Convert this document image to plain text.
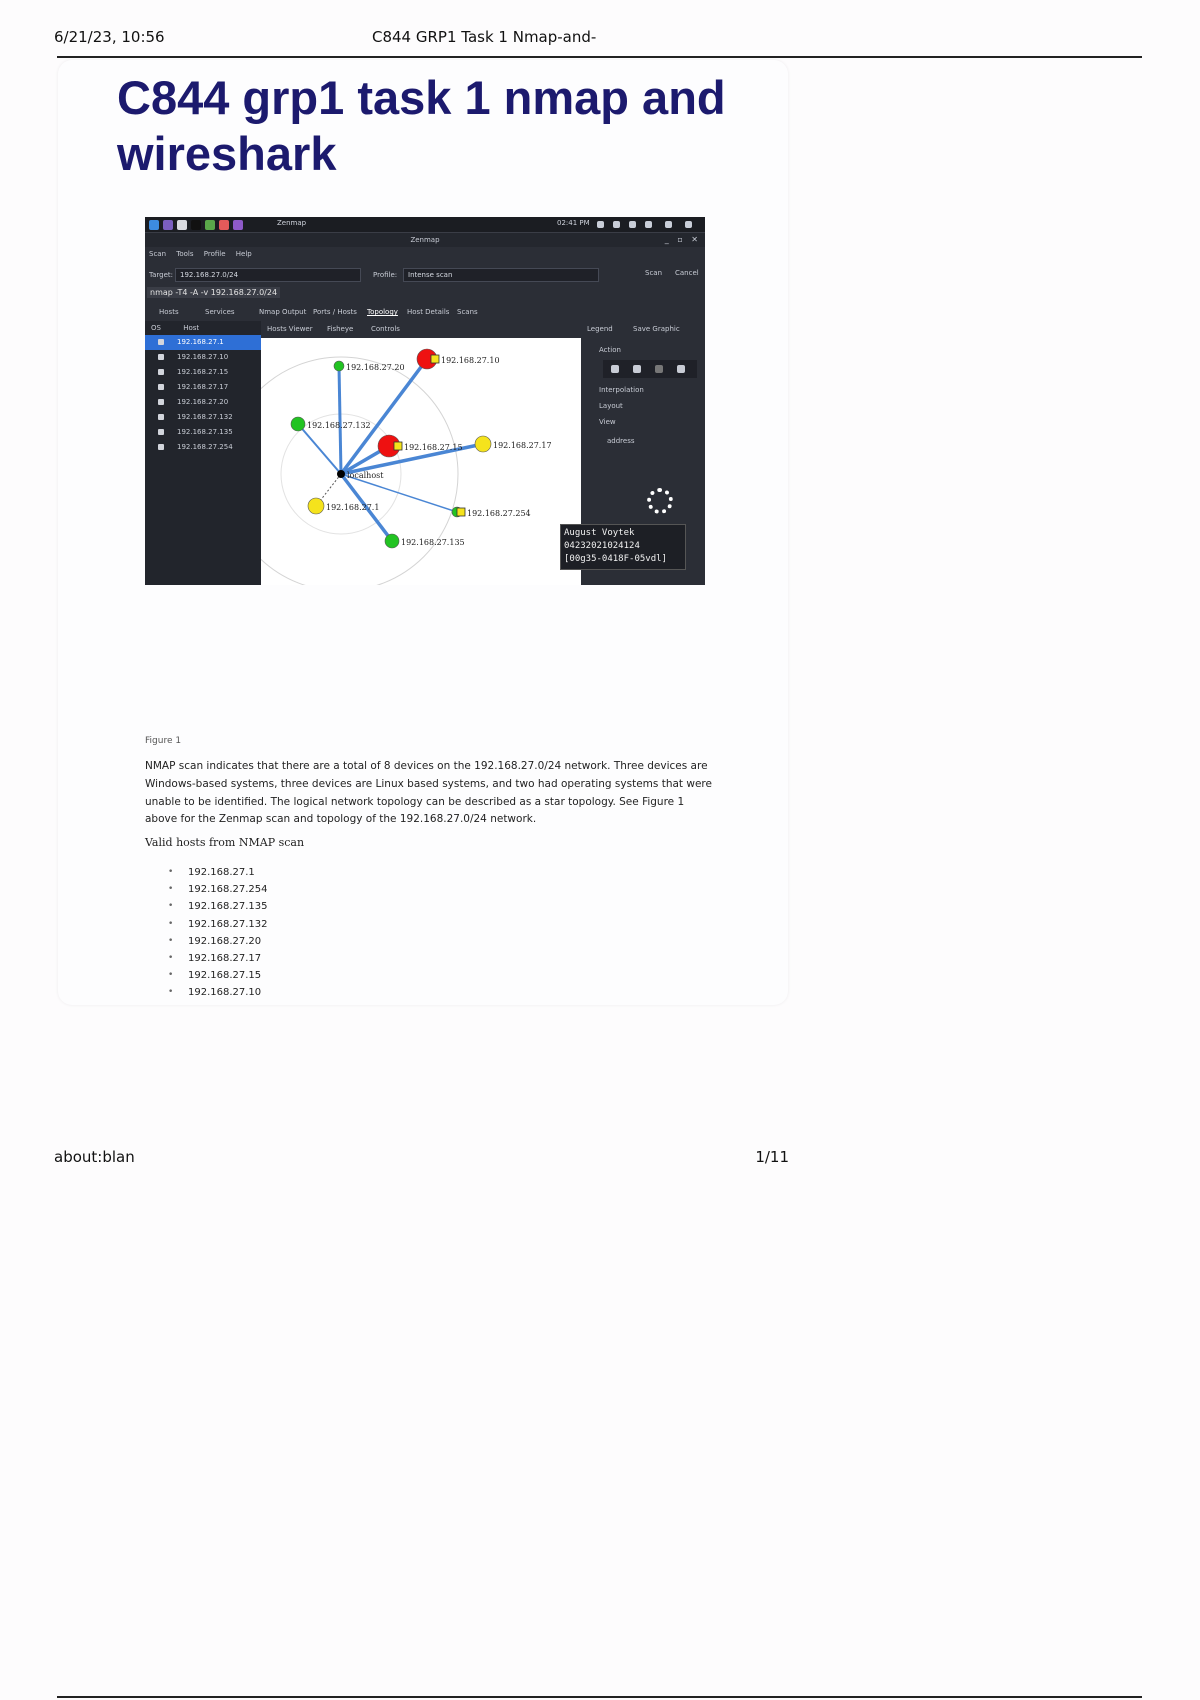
6/21/23, 10:56	C844 GRP1 Task 1 Nmap-and-
C844 grp1 task 1 nmap and wireshark
Zenmap	02:41 PM
Zenmap	_ ▫ ✕
Scan Tools Profile Help
Target: 192.168.27.0/24	Profile:	Intense scan	Scan Cancel
nmap -T4 -A -v 192.168.27.0/24
Hosts	Services	Nmap Output Ports / Hosts Topology Host Details Scans
OS	Host
192.168.27.1
192.168.27.10
192.168.27.15
192.168.27.17
192.168.27.20
192.168.27.132
192.168.27.135
192.168.27.254
Hosts Viewer Fisheye	Controls	Legend	Save Graphic
192.168.27.20
192.168.27.10
192.168.27.132
192.168.27.15	192.168.27.17
192.168.27.1
192.168.27.254
192.168.27.135
localhost
Action
Interpolation
Layout
View
address
August Voytek
04232021024124
[00g35-0418F-05vdl]
Figure 1

NMAP scan indicates that there are a total of 8 devices on the 192.168.27.0/24 network. Three devices are Windows-based systems, three devices are Linux based systems, and two had operating systems that were unable to be identified. The logical network topology can be described as a star topology. See Figure 1 above for the Zenmap scan and topology of the 192.168.27.0/24 network.

Valid hosts from NMAP scan
• 192.168.27.1
• 192.168.27.254
• 192.168.27.135
• 192.168.27.132
• 192.168.27.20
• 192.168.27.17
• 192.168.27.15
• 192.168.27.10
about:blan	1/11
